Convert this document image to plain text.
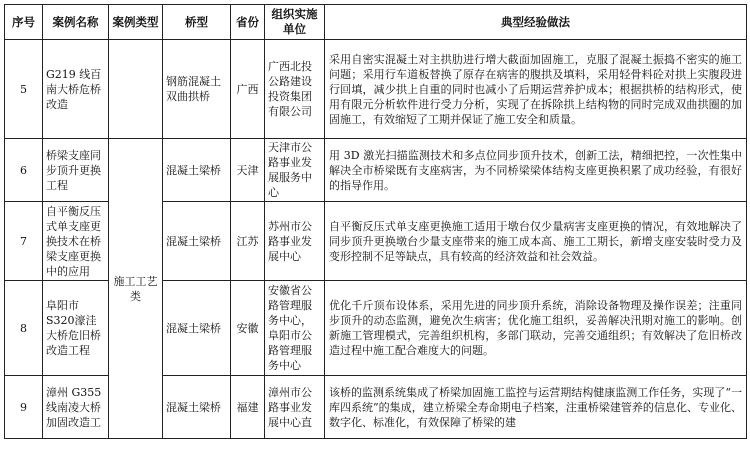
序号	案例名称	案例类型	桥型	省份	组织实施单位	典型经验做法
5	G219 线百南大桥危桥改造		钢筋混凝土双曲拱桥	广西	广西北投公路建设投资集团有限公司	采用自密实混凝土对主拱肋进行增大截面加固施工，克服了混凝土振捣不密实的施工问题；采用行车道板替换了原存在病害的腹拱及填料，采用轻骨料砼对拱上实腹段进行回填，减少拱上自重的同时也减小了后期运营养护成本；根据拱桥的结构形式，使用有限元分析软件进行受力分析，实现了在拆除拱上结构物的同时完成双曲拱圈的加固施工，有效缩短了工期并保证了施工安全和质量。
6	桥梁支座同步顶升更换工程	施工工艺类	混凝土梁桥	天津	天津市公路事业发展服务中心	用 3D 激光扫描监测技术和多点位同步顶升技术，创新工法，精细把控，一次性集中解决全市桥梁既有支座病害，为不同桥梁梁体结构支座更换积累了成功经验，有很好的指导作用。
7	自平衡反压式单支座更换技术在桥梁支座更换中的应用		混凝土梁桥	江苏	苏州市公路事业发展中心	自平衡反压式单支座更换施工适用于墩台仅少量病害支座更换的情况，有效地解决了同步顶升更换墩台少量支座带来的施工成本高、施工工期长，新增支座安装时受力及变形控制不足等缺点，具有较高的经济效益和社会效益。
8	阜阳市 S320濠洼大桥危旧桥改造工程		混凝土梁桥	安徽	安徽省公路管理服务中心，阜阳市公路管理服务中心	优化千斤顶布设体系，采用先进的同步顶升系统，消除设备物理及操作误差；注重同步顶升的动态监测，避免次生病害；优化施工组织，妥善解决汛期对施工的影响。创新施工管理模式，完善组织机构，多部门联动，完善交通组织；有效解决了危旧桥改造过程中施工配合难度大的问题。
9	漳州 G355线南凌大桥加固改造工		混凝土梁桥	福建	漳州市公路事业发展中心直	该桥的监测系统集成了桥梁加固施工监控与运营期结构健康监测工作任务，实现了“一库四系统”的集成，建立桥梁全寿命期电子档案，注重桥梁建管养的信息化、专业化、数字化、标准化，有效保障了桥梁的建
